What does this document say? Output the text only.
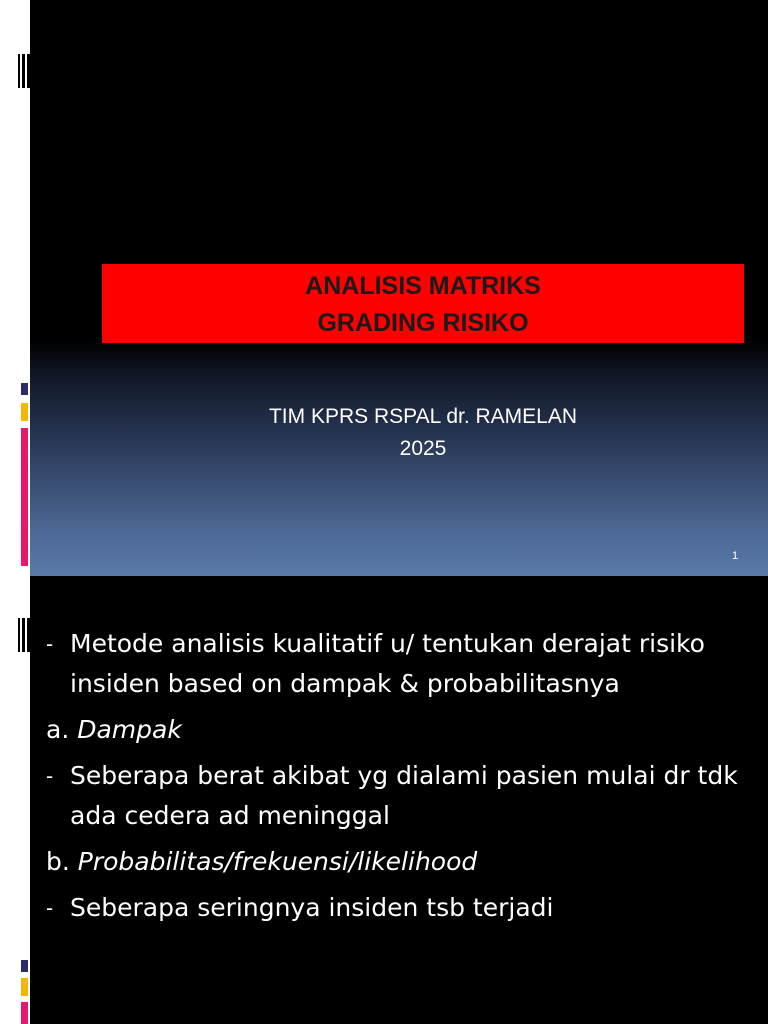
ANALISIS MATRIKS
GRADING RISIKO
TIM KPRS RSPAL dr. RAMELAN
2025
1
- Metode analisis kualitatif u/ tentukan derajat risiko insiden based on dampak & probabilitasnya
a. Dampak
- Seberapa berat akibat yg dialami pasien mulai dr tdk ada cedera ad meninggal
b. Probabilitas/frekuensi/likelihood
- Seberapa seringnya insiden tsb terjadi
